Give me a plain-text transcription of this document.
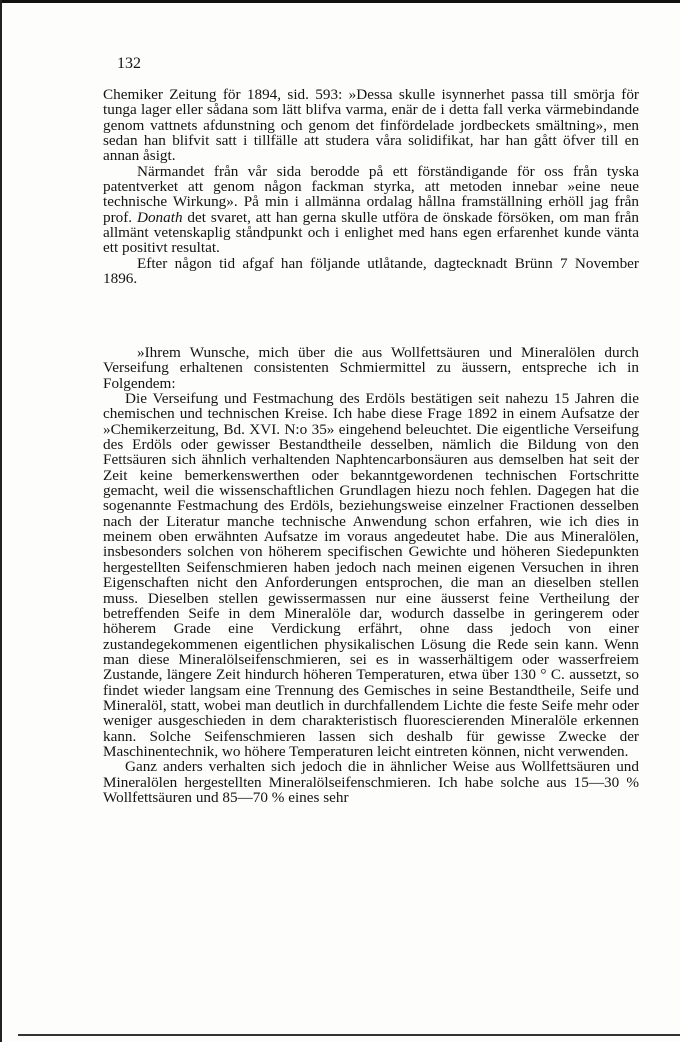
132

Chemiker Zeitung för 1894, sid. 593: »Dessa skulle isynnerhet passa till smörja för tunga lager eller sådana som lätt blifva varma, enär de i detta fall verka värmebindande genom vattnets afdunstning och genom det finfördelade jordbeckets smältning», men sedan han blifvit satt i tillfälle att studera våra solidifikat, har han gått öfver till en annan åsigt.

Närmandet från vår sida berodde på ett förständigande för oss från tyska patentverket att genom någon fackman styrka, att metoden innebar »eine neue technische Wirkung». På min i allmänna ordalag hållna framställning erhöll jag från prof. Donath det svaret, att han gerna skulle utföra de önskade försöken, om man från allmänt vetenskaplig ståndpunkt och i enlighet med hans egen erfarenhet kunde vänta ett positivt resultat.

Efter någon tid afgaf han följande utlåtande, dagtecknadt Brünn 7 November 1896.

»Ihrem Wunsche, mich über die aus Wollfettsäuren und Mineralölen durch Verseifung erhaltenen consistenten Schmiermittel zu äussern, entspreche ich in Folgendem:

Die Verseifung und Festmachung des Erdöls bestätigen seit nahezu 15 Jahren die chemischen und technischen Kreise. Ich habe diese Frage 1892 in einem Aufsatze der »Chemikerzeitung, Bd. XVI. N:o 35» eingehend beleuchtet. Die eigentliche Verseifung des Erdöls oder gewisser Bestandtheile desselben, nämlich die Bildung von den Fettsäuren sich ähnlich verhaltenden Naphtencarbonsäuren aus demselben hat seit der Zeit keine bemerkenswerthen oder bekanntgewordenen technischen Fortschritte gemacht, weil die wissenschaftlichen Grundlagen hiezu noch fehlen. Dagegen hat die sogenannte Festmachung des Erdöls, beziehungsweise einzelner Fractionen desselben nach der Literatur manche technische Anwendung schon erfahren, wie ich dies in meinem oben erwähnten Aufsatze im voraus angedeutet habe. Die aus Mineralölen, insbesonders solchen von höherem specifischen Gewichte und höheren Siedepunkten hergestellten Seifenschmieren haben jedoch nach meinen eigenen Versuchen in ihren Eigenschaften nicht den Anforderungen entsprochen, die man an dieselben stellen muss. Dieselben stellen gewissermassen nur eine äusserst feine Vertheilung der betreffenden Seife in dem Mineralöle dar, wodurch dasselbe in geringerem oder höherem Grade eine Verdickung erfährt, ohne dass jedoch von einer zustandegekommenen eigentlichen physikalischen Lösung die Rede sein kann. Wenn man diese Mineralölseifenschmieren, sei es in wasserhältigem oder wasserfreiem Zustande, längere Zeit hindurch höheren Temperaturen, etwa über 130 ° C. aussetzt, so findet wieder langsam eine Trennung des Gemisches in seine Bestandtheile, Seife und Mineralöl, statt, wobei man deutlich in durchfallendem Lichte die feste Seife mehr oder weniger ausgeschieden in dem charakteristisch fluorescierenden Mineralöle erkennen kann. Solche Seifenschmieren lassen sich deshalb für gewisse Zwecke der Maschinentechnik, wo höhere Temperaturen leicht eintreten können, nicht verwenden.

Ganz anders verhalten sich jedoch die in ähnlicher Weise aus Wollfettsäuren und Mineralölen hergestellten Mineralölseifenschmieren. Ich habe solche aus 15—30 % Wollfettsäuren und 85—70 % eines sehr
